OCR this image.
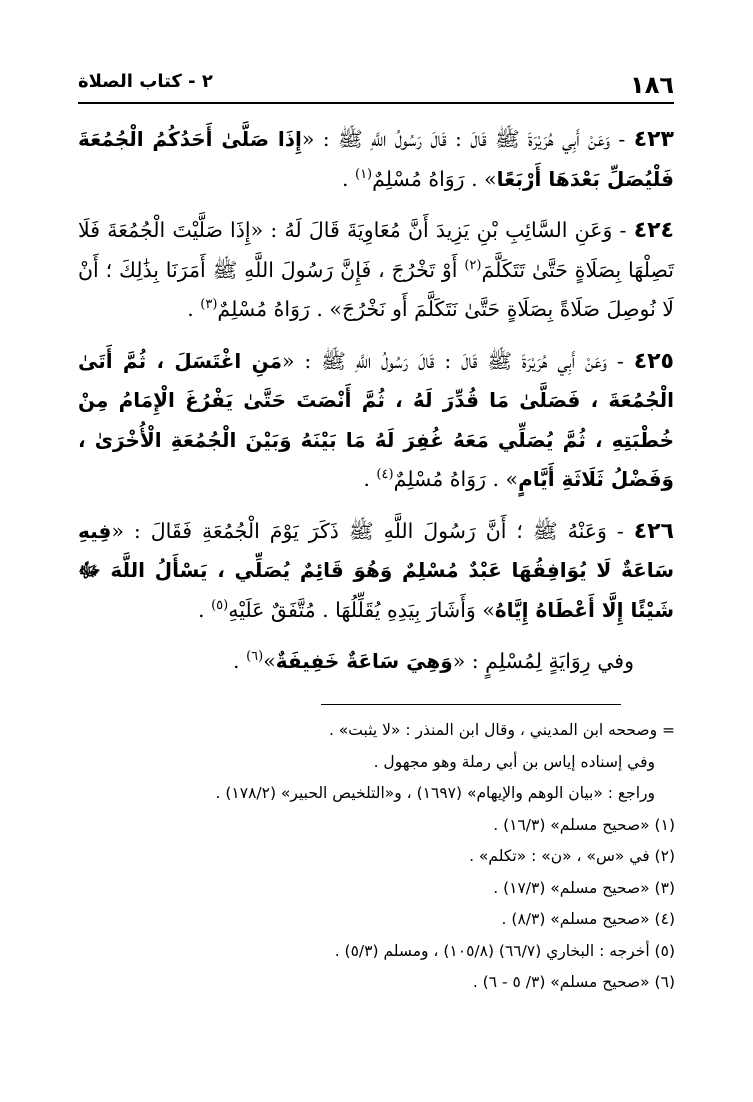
١٨٦
٢ - كتاب الصلاة

٤٢٣ - وَعَنْ أَبِي هُرَيْرَةَ ﷺ قَالَ : قَالَ رَسُولُ اللَّهِ ﷺ : «إِذَا صَلَّىٰ أَحَدُكُمُ الْجُمُعَةَ فَلْيُصَلِّ بَعْدَهَا أَرْبَعًا» . رَوَاهُ مُسْلِمٌ$^{(١)}$ .

٤٢٤ - وَعَنِ السَّائِبِ بْنِ يَزِيدَ أَنَّ مُعَاوِيَةَ قَالَ لَهُ : «إِذَا صَلَّيْتَ الْجُمُعَةَ فَلَا تَصِلْهَا بِصَلَاةٍ حَتَّىٰ تَتَكَلَّمَ$^{(٢)}$ أَوْ تَخْرُجَ ، فَإِنَّ رَسُولَ اللَّهِ ﷺ أَمَرَنَا بِذَٰلِكَ ؛ أَنْ لَا نُوصِلَ صَلَاةً بِصَلَاةٍ حَتَّىٰ نَتَكَلَّمَ أَو نَخْرُجَ» . رَوَاهُ مُسْلِمٌ$^{(٣)}$ .

٤٢٥ - وَعَنْ أَبِي هُرَيْرَةَ ﷺ قَالَ : قَالَ رَسُولُ اللَّهِ ﷺ : «مَنِ اغْتَسَلَ ، ثُمَّ أَتَىٰ الْجُمُعَةَ ، فَصَلَّىٰ مَا قُدِّرَ لَهُ ، ثُمَّ أَنْصَتَ حَتَّىٰ يَفْرُغَ الْإِمَامُ مِنْ خُطْبَتِهِ ، ثُمَّ يُصَلِّي مَعَهُ غُفِرَ لَهُ مَا بَيْنَهُ وَبَيْنَ الْجُمُعَةِ الْأُخْرَىٰ ، وَفَضْلُ ثَلَاثَةِ أَيَّامٍ» . رَوَاهُ مُسْلِمٌ$^{(٤)}$ .

٤٢٦ - وَعَنْهُ ﷺ ؛ أَنَّ رَسُولَ اللَّهِ ﷺ ذَكَرَ يَوْمَ الْجُمُعَةِ فَقَالَ : «فِيهِ سَاعَةٌ لَا يُوَافِقُهَا عَبْدٌ مُسْلِمٌ وَهُوَ قَائِمٌ يُصَلِّي ، يَسْأَلُ اللَّهَ ﷻ شَيْئًا إِلَّا أَعْطَاهُ إِيَّاهُ» وَأَشَارَ بِيَدِهِ يُقَلِّلُهَا . مُتَّفَقٌ عَلَيْهِ$^{(٥)}$ .

وفي رِوَايَةٍ لِمُسْلِمٍ : «وَهِيَ سَاعَةٌ خَفِيفَةٌ»$^{(٦)}$ .

= وصححه ابن المديني ، وقال ابن المنذر : «لا يثبت» .

وفي إسناده إياس بن أبي رملة وهو مجهول .

وراجع : «بيان الوهم والإيهام» (١٦٩٧) ، و«التلخيص الحبير» (١٧٨/٢) .

(١) «صحيح مسلم» (١٦/٣) .

(٢) في «س» ، «ن» : «تكلم» .

(٣) «صحيح مسلم» (١٧/٣) .

(٤) «صحيح مسلم» (٨/٣) .

(٥) أخرجه : البخاري (٦٦/٧) (١٠٥/٨) ، ومسلم (٥/٣) .

(٦) «صحيح مسلم» (٣/ ٥ - ٦) .
